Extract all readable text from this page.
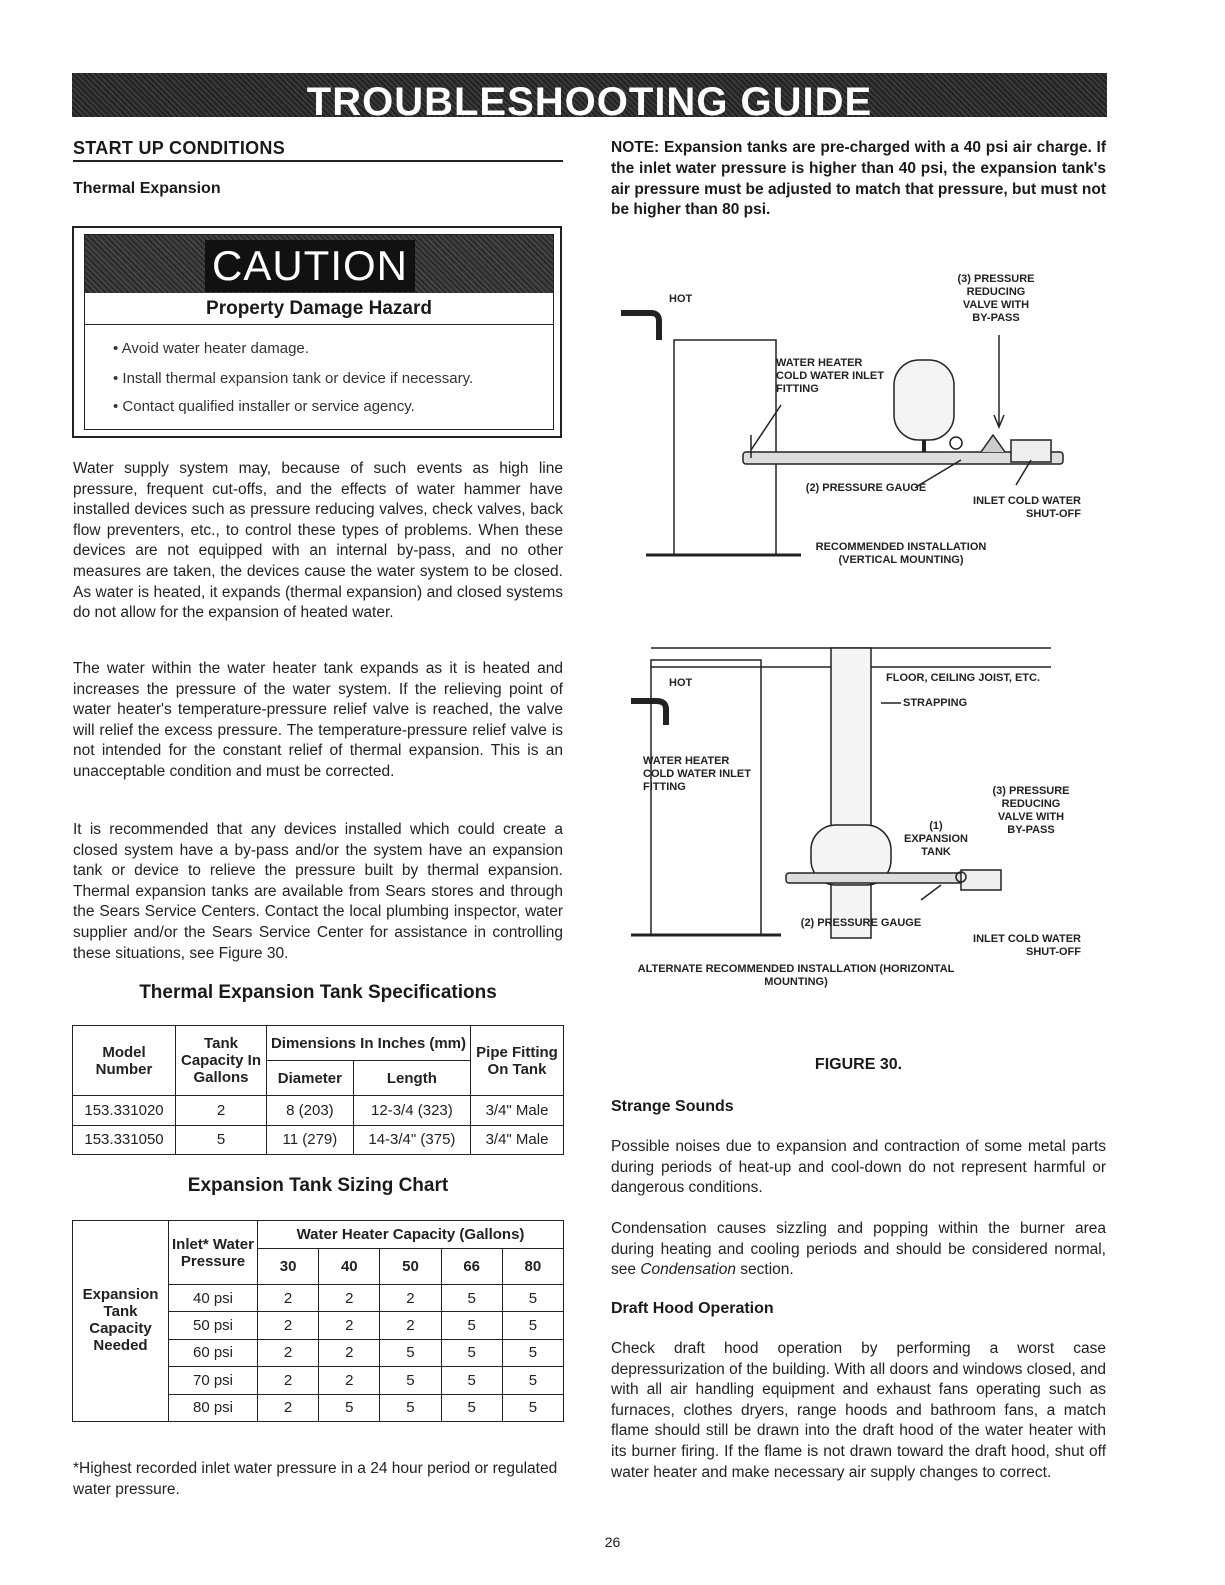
TROUBLESHOOTING GUIDE
START UP CONDITIONS
Thermal Expansion
CAUTION
Property Damage Hazard
• Avoid water heater damage.
• Install thermal expansion tank or device if necessary.
• Contact qualified installer or service agency.
Water supply system may, because of such events as high line pressure, frequent cut-offs, and the effects of water hammer have installed devices such as pressure reducing valves, check valves, back flow preventers, etc., to control these types of problems. When these devices are not equipped with an internal by-pass, and no other measures are taken, the devices cause the water system to be closed. As water is heated, it expands (thermal expansion) and closed systems do not allow for the expansion of heated water.
The water within the water heater tank expands as it is heated and increases the pressure of the water system. If the relieving point of water heater's temperature-pressure relief valve is reached, the valve will relief the excess pressure. The temperature-pressure relief valve is not intended for the constant relief of thermal expansion. This is an unacceptable condition and must be corrected.
It is recommended that any devices installed which could create a closed system have a by-pass and/or the system have an expansion tank or device to relieve the pressure built by thermal expansion. Thermal expansion tanks are available from Sears stores and through the Sears Service Centers. Contact the local plumbing inspector, water supplier and/or the Sears Service Center for assistance in controlling these situations, see Figure 30.
Thermal Expansion Tank Specifications
Model Number	Tank Capacity In Gallons	Dimensions In Inches (mm)		Pipe Fitting On Tank
		Diameter	Length	
153.331020	2	8 (203)	12-3/4 (323)	3/4" Male
153.331050	5	11 (279)	14-3/4" (375)	3/4" Male
Expansion Tank Sizing Chart
Expansion Tank Capacity Needed	Inlet* Water Pressure	Water Heater Capacity (Gallons)				
		30	40	50	66	80
	40 psi	2	2	2	5	5
	50 psi	2	2	2	5	5
	60 psi	2	2	5	5	5
	70 psi	2	2	5	5	5
	80 psi	2	5	5	5	5
*Highest recorded inlet water pressure in a 24 hour period or regulated water pressure.
NOTE: Expansion tanks are pre-charged with a 40 psi air charge. If the inlet water pressure is higher than 40 psi, the expansion tank's air pressure must be adjusted to match that pressure, but must not be higher than 80 psi.
HOT
(3) PRESSURE REDUCING VALVE WITH BY-PASS
WATER HEATER COLD WATER INLET FITTING
(2) PRESSURE GAUGE
INLET COLD WATER SHUT-OFF
RECOMMENDED INSTALLATION (VERTICAL MOUNTING)
HOT	FLOOR, CEILING JOIST, ETC.
STRAPPING
WATER HEATER COLD WATER INLET FITTING	(3) PRESSURE REDUCING VALVE WITH BY-PASS
(1) EXPANSION TANK
(2) PRESSURE GAUGE
INLET COLD WATER SHUT-OFF
ALTERNATE RECOMMENDED INSTALLATION (HORIZONTAL MOUNTING)
FIGURE 30.
Strange Sounds
Possible noises due to expansion and contraction of some metal parts during periods of heat-up and cool-down do not represent harmful or dangerous conditions.
Condensation causes sizzling and popping within the burner area during heating and cooling periods and should be considered normal, see Condensation section.
Draft Hood Operation
Check draft hood operation by performing a worst case depressurization of the building. With all doors and windows closed, and with all air handling equipment and exhaust fans operating such as furnaces, clothes dryers, range hoods and bathroom fans, a match flame should still be drawn into the draft hood of the water heater with its burner firing. If the flame is not drawn toward the draft hood, shut off water heater and make necessary air supply changes to correct.
26
